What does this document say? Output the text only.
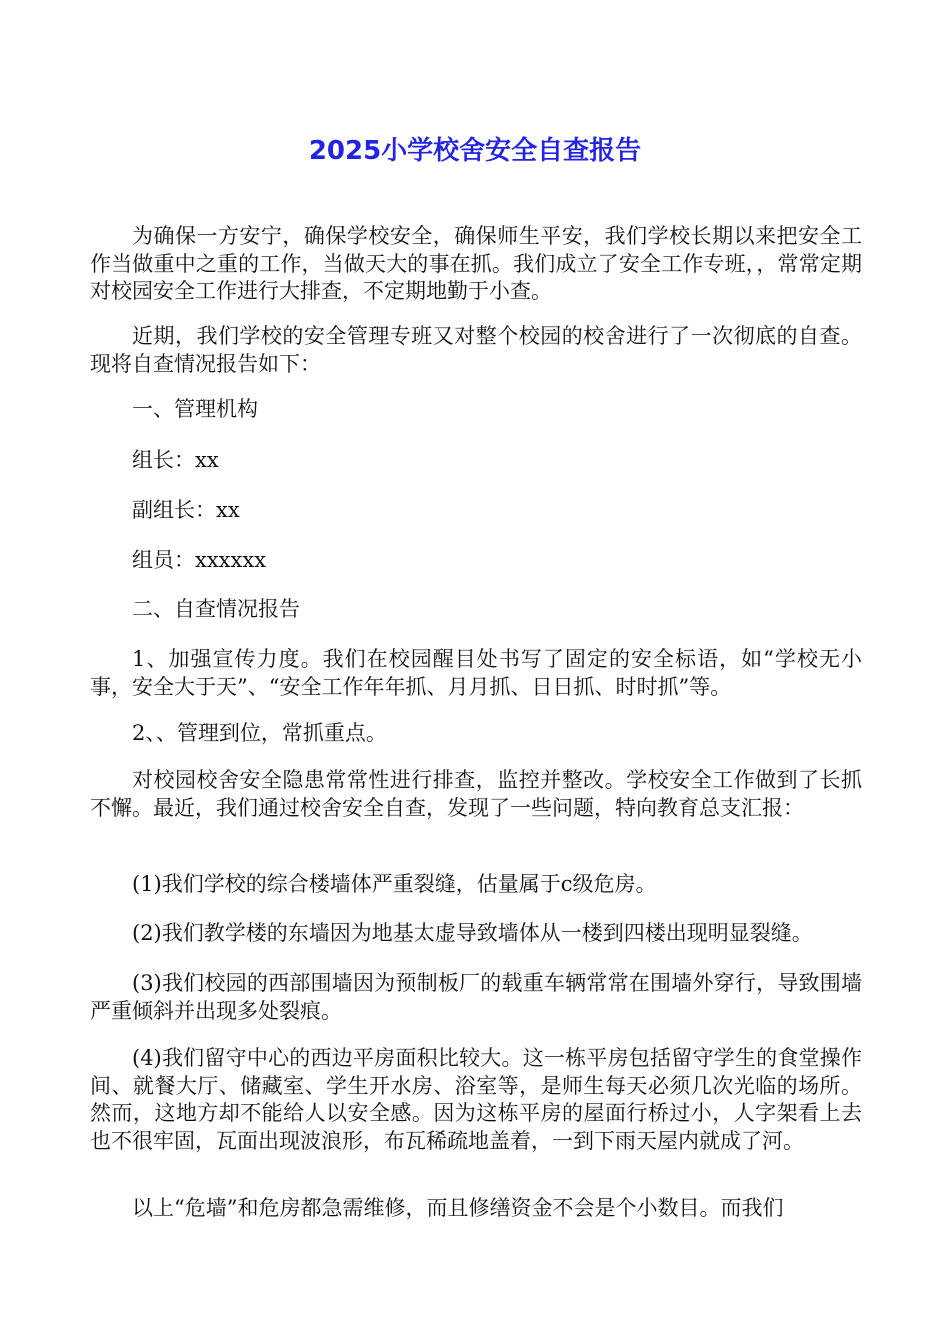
2025小学校舍安全自查报告

为确保一方安宁，确保学校安全，确保师生平安，我们学校长期以来把安全工作当做重中之重的工作，当做天大的事在抓。我们成立了安全工作专班，，常常定期对校园安全工作进行大排查，不定期地勤于小查。

近期，我们学校的安全管理专班又对整个校园的校舍进行了一次彻底的自查。现将自查情况报告如下：

一、管理机构

组长：xx

副组长：xx

组员：xxxxxx

二、自查情况报告

1、加强宣传力度。我们在校园醒目处书写了固定的安全标语，如“学校无小事，安全大于天”、“安全工作年年抓、月月抓、日日抓、时时抓”等。

2、、管理到位，常抓重点。

对校园校舍安全隐患常常性进行排查，监控并整改。学校安全工作做到了长抓不懈。最近，我们通过校舍安全自查，发现了一些问题，特向教育总支汇报：

(1)我们学校的综合楼墙体严重裂缝，估量属于c级危房。

(2)我们教学楼的东墙因为地基太虚导致墙体从一楼到四楼出现明显裂缝。

(3)我们校园的西部围墙因为预制板厂的载重车辆常常在围墙外穿行，导致围墙严重倾斜并出现多处裂痕。

(4)我们留守中心的西边平房面积比较大。这一栋平房包括留守学生的食堂操作间、就餐大厅、储藏室、学生开水房、浴室等，是师生每天必须几次光临的场所。然而，这地方却不能给人以安全感。因为这栋平房的屋面行桥过小，人字架看上去也不很牢固，瓦面出现波浪形，布瓦稀疏地盖着，一到下雨天屋内就成了河。

以上“危墙”和危房都急需维修，而且修缮资金不会是个小数目。而我们
